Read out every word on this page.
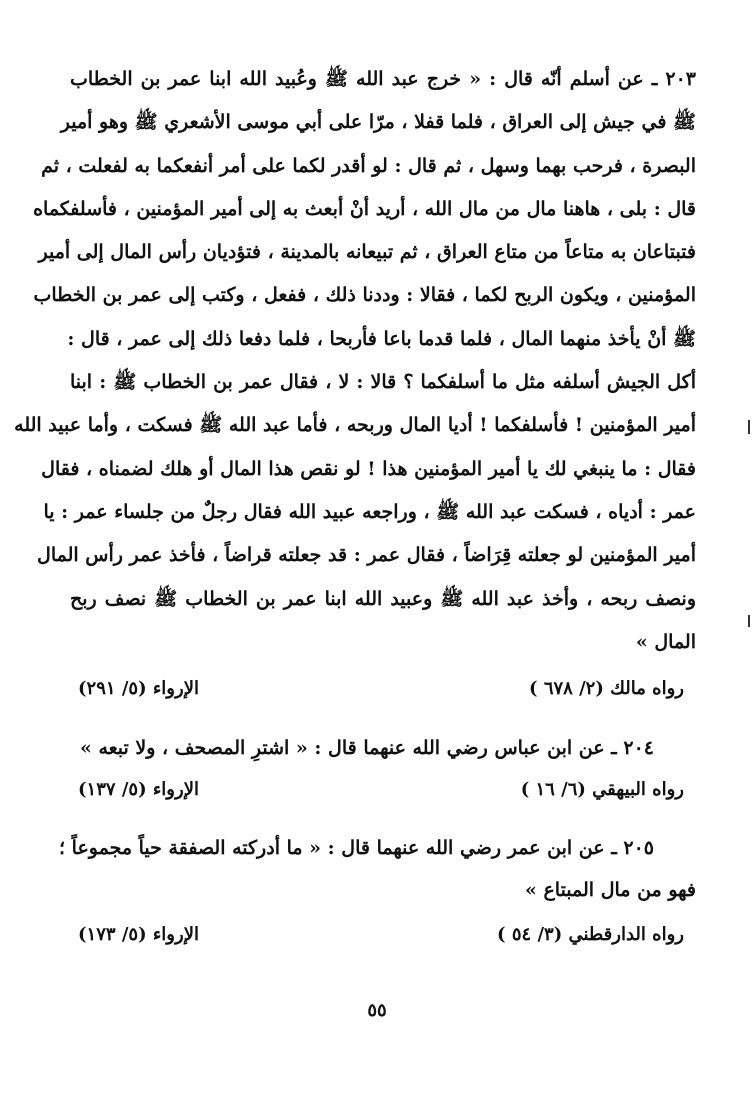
٢٠٣ ـ عن أسلم أنّه قال : « خرج عبد الله ﷺ وعُبيد الله ابنا عمر بن الخطاب
ﷺ في جيش إلى العراق ، فلما قفلا ، مرّا على أبي موسى الأشعري ﷺ وهو أمير
البصرة ، فرحب بهما وسهل ، ثم قال : لو أقدر لكما على أمر أنفعكما به لفعلت ، ثم
قال : بلى ، هاهنا مال من مال الله ، أريد أنْ أبعث به إلى أمير المؤمنين ، فأسلفكماه
فتبتاعان به متاعاً من متاع العراق ، ثم تبيعانه بالمدينة ، فتؤديان رأس المال إلى أمير
المؤمنين ، ويكون الربح لكما ، فقالا : وددنا ذلك ، ففعل ، وكتب إلى عمر بن الخطاب
ﷺ أنْ يأخذ منهما المال ، فلما قدما باعا فأربحا ، فلما دفعا ذلك إلى عمر ، قال :
أكل الجيش أسلفه مثل ما أسلفكما ؟ قالا : لا ، فقال عمر بن الخطاب ﷺ : ابنا
أمير المؤمنين ! فأسلفكما ! أديا المال وربحه ، فأما عبد الله ﷺ فسكت ، وأما عبيد الله
فقال : ما ينبغي لك يا أمير المؤمنين هذا ! لو نقص هذا المال أو هلك لضمناه ، فقال
عمر : أدياه ، فسكت عبد الله ﷺ ، وراجعه عبيد الله فقال رجلٌ من جلساء عمر : يا
أمير المؤمنين لو جعلته قِرَاضاً ، فقال عمر : قد جعلته قراضاً ، فأخذ عمر رأس المال
ونصف ربحه ، وأخذ عبد الله ﷺ وعبيد الله ابنا عمر بن الخطاب ﷺ نصف ربح
المال »
رواه مالك (٢/ ٦٧٨ )
الإرواء (٥/ ٢٩١)
٢٠٤ ـ عن ابن عباس رضي الله عنهما قال : « اشترِ المصحف ، ولا تبعه »
رواه البيهقي (٦/ ١٦ )
الإرواء (٥/ ١٣٧)
٢٠٥ ـ عن ابن عمر رضي الله عنهما قال : « ما أدركته الصفقة حياً مجموعاً ؛
فهو من مال المبتاع »
رواه الدارقطني (٣/ ٥٤ )
الإرواء (٥/ ١٧٣)
٥٥
